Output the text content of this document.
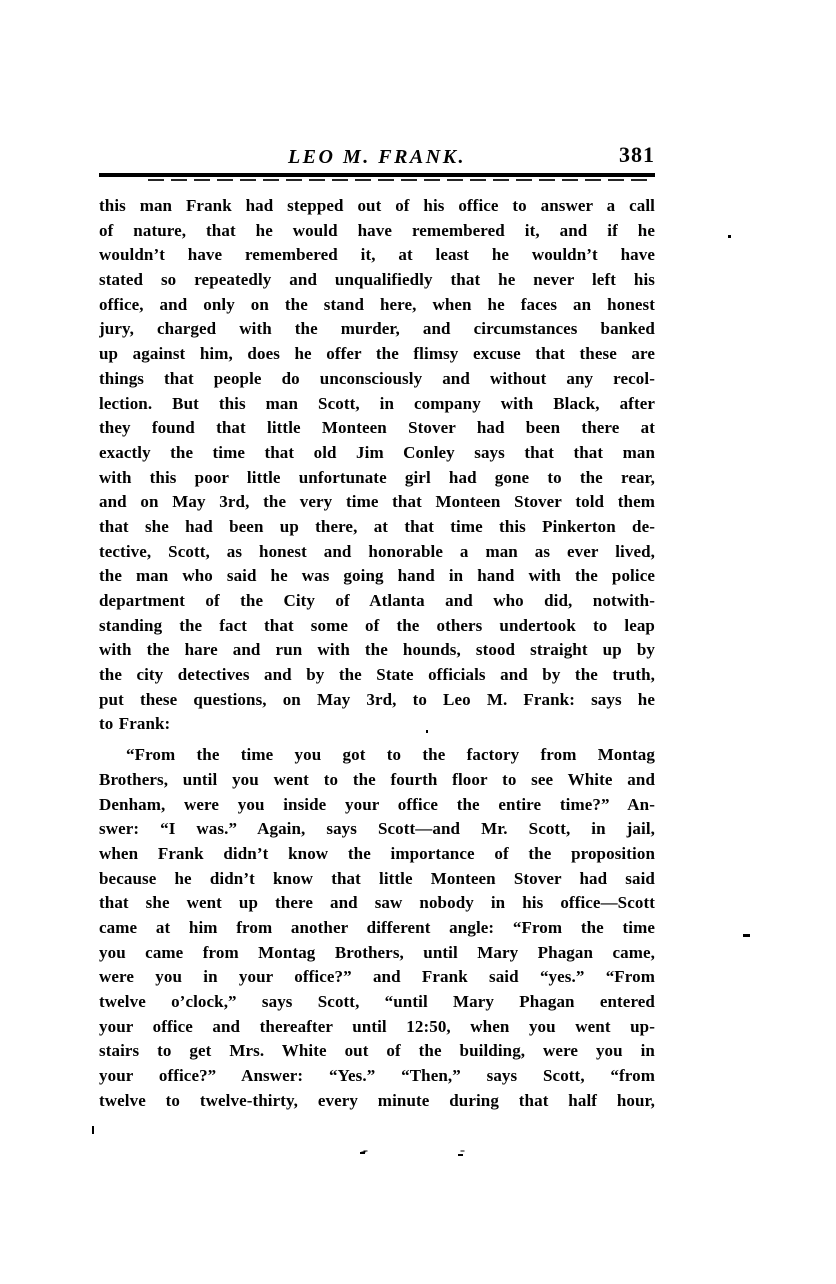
LEO M. FRANK.	381
this man Frank had stepped out of his office to answer a call
of nature, that he would have remembered it, and if he
wouldn’t have remembered it, at least he wouldn’t have
stated so repeatedly and unqualifiedly that he never left his
office, and only on the stand here, when he faces an honest
jury, charged with the murder, and circumstances banked
up against him, does he offer the flimsy excuse that these are
things that people do unconsciously and without any recol-
lection. But this man Scott, in company with Black, after
they found that little Monteen Stover had been there at
exactly the time that old Jim Conley says that that man
with this poor little unfortunate girl had gone to the rear,
and on May 3rd, the very time that Monteen Stover told them
that she had been up there, at that time this Pinkerton de-
tective, Scott, as honest and honorable a man as ever lived,
the man who said he was going hand in hand with the police
department of the City of Atlanta and who did, notwith-
standing the fact that some of the others undertook to leap
with the hare and run with the hounds, stood straight up by
the city detectives and by the State officials and by the truth,
put these questions, on May 3rd, to Leo M. Frank: says he
to Frank:
“From the time you got to the factory from Montag
Brothers, until you went to the fourth floor to see White and
Denham, were you inside your office the entire time?” An-
swer: “I was.” Again, says Scott—and Mr. Scott, in jail,
when Frank didn’t know the importance of the proposition
because he didn’t know that little Monteen Stover had said
that she went up there and saw nobody in his office—Scott
came at him from another different angle: “From the time
you came from Montag Brothers, until Mary Phagan came,
were you in your office?” and Frank said “yes.” “From
twelve o’clock,” says Scott, “until Mary Phagan entered
your office and thereafter until 12:50, when you went up-
stairs to get Mrs. White out of the building, were you in
your office?” Answer: “Yes.” “Then,” says Scott, “from
twelve to twelve-thirty, every minute during that half hour,
